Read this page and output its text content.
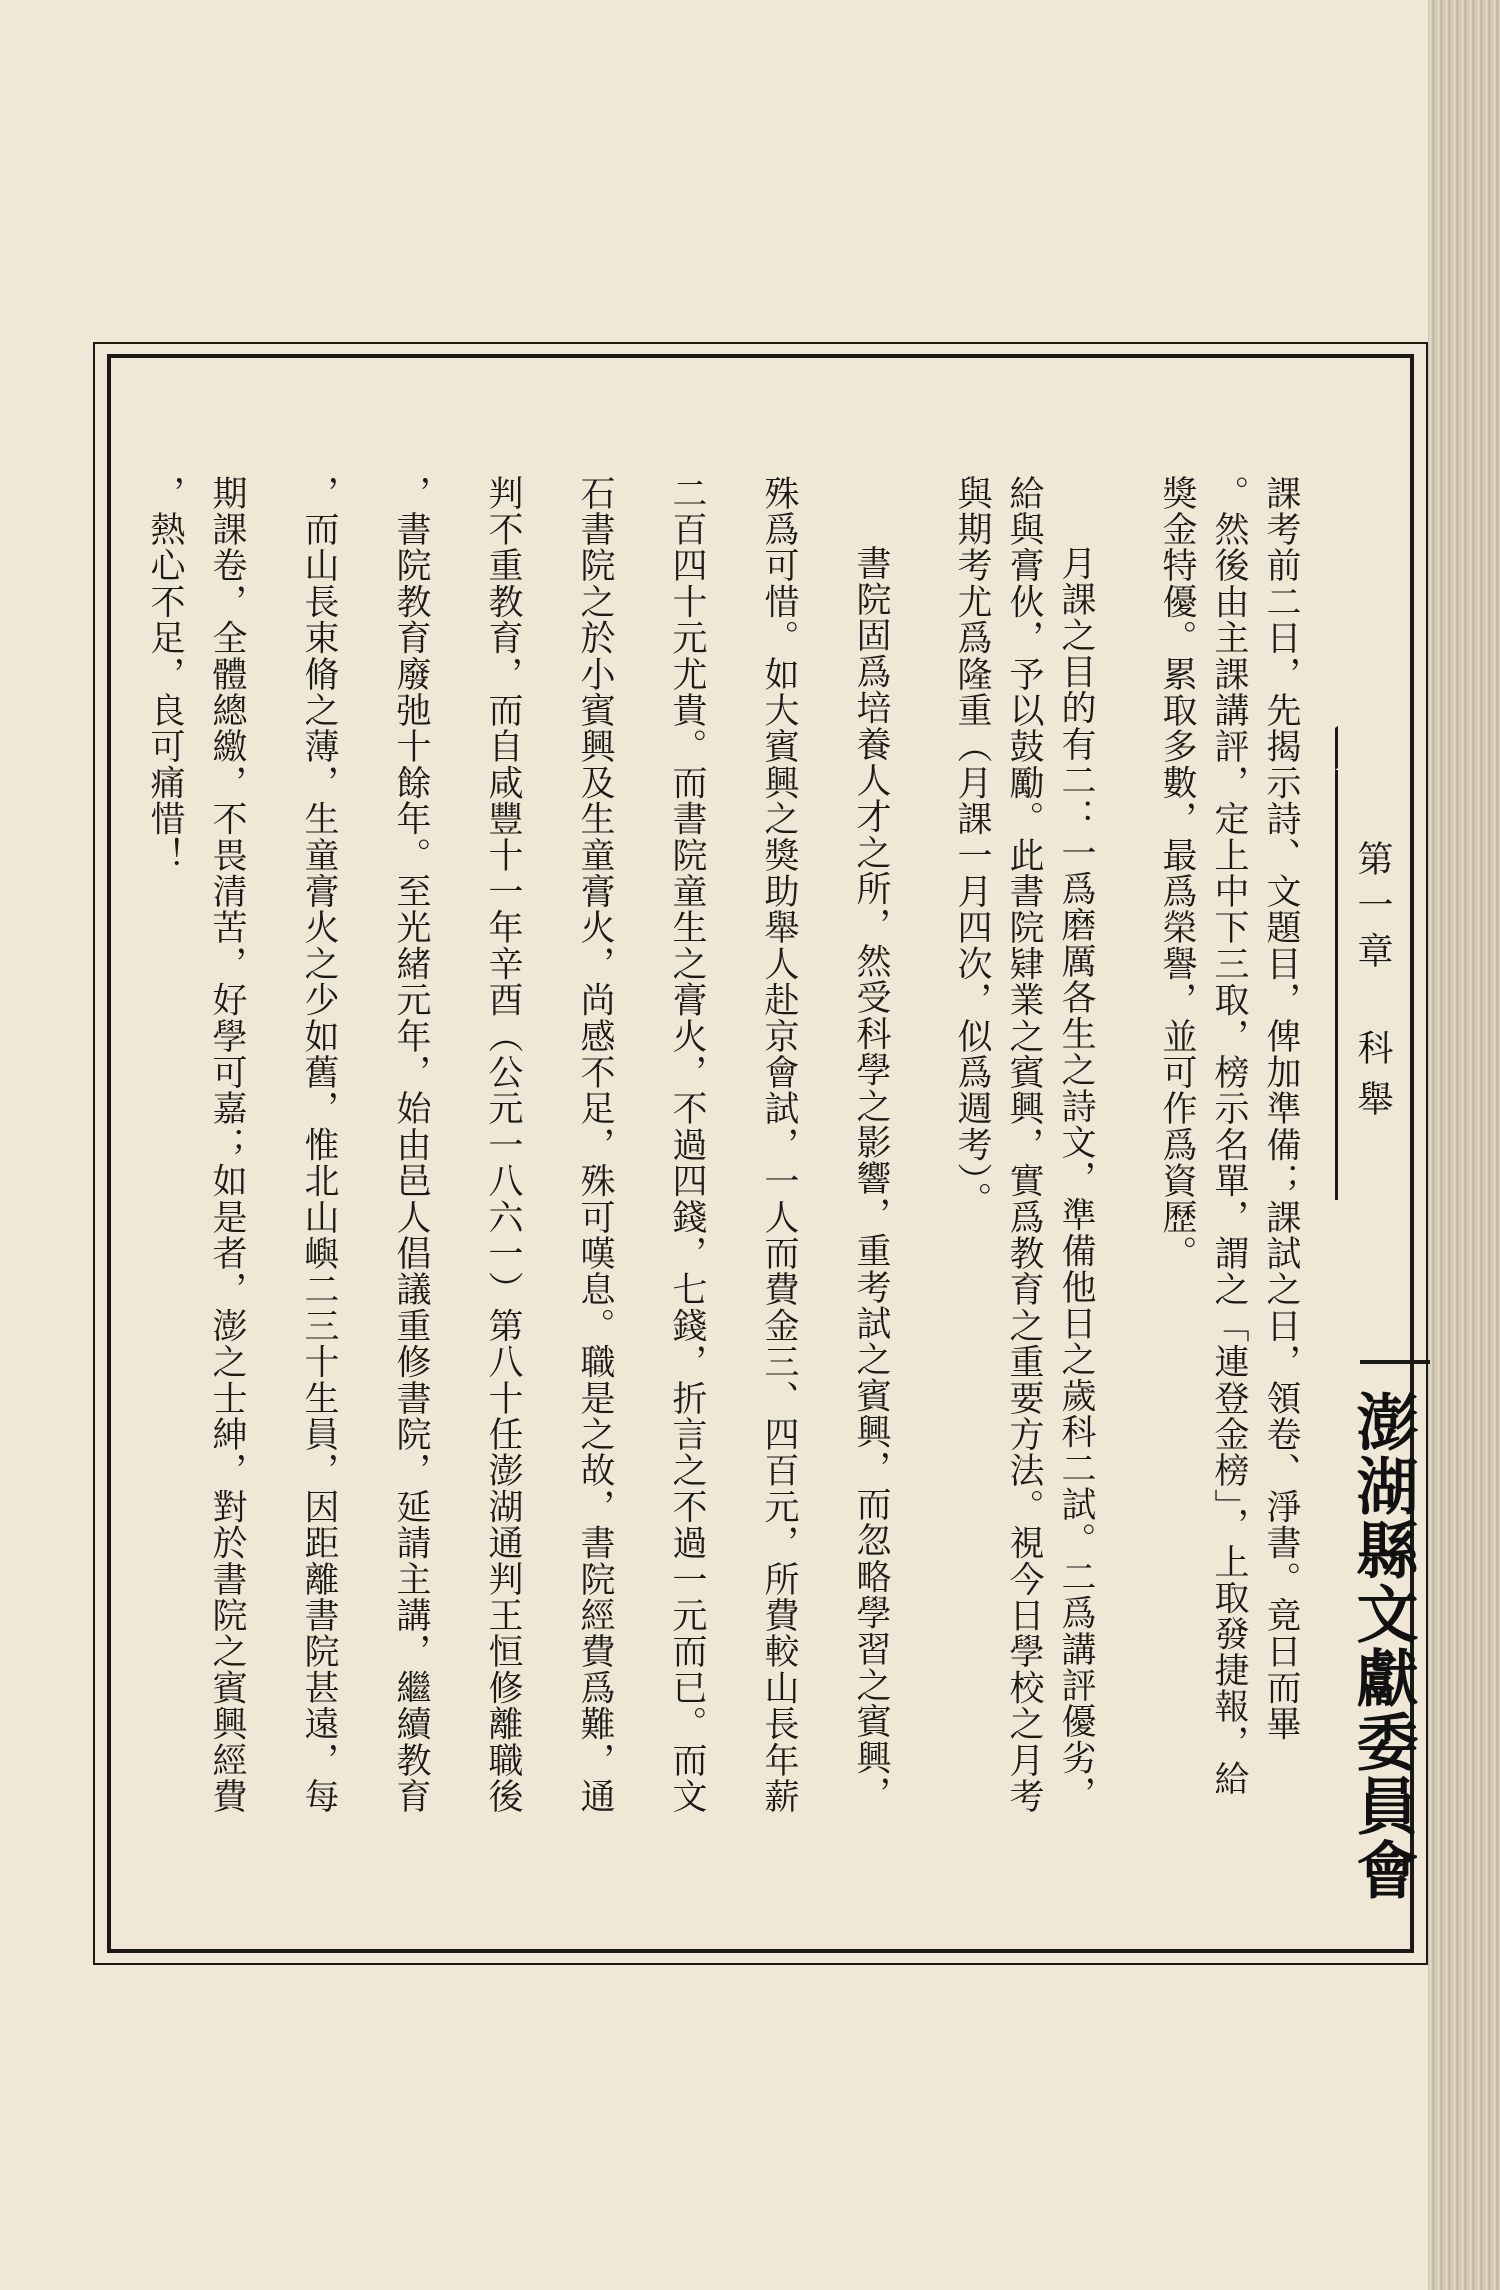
課考前二日，先揭示詩、文題目，俾加準備；課試之日，領卷、淨書。竟日而畢
。然後由主課講評，定上中下三取，榜示名單，謂之「連登金榜」，上取發捷報，給
獎金特優。累取多數，最爲榮譽，並可作爲資歷。
月課之目的有二：一爲磨厲各生之詩文，準備他日之歲科二試。二爲講評優劣，
給與膏伙，予以鼓勵。此書院肄業之賓興，實爲教育之重要方法。視今日學校之月考
與期考尤爲隆重（月課一月四次，似爲週考）。
書院固爲培養人才之所，然受科學之影響，重考試之賓興，而忽略學習之賓興，
殊爲可惜。如大賓興之獎助舉人赴京會試，一人而費金三、四百元，所費較山長年薪
二百四十元尤貴。而書院童生之膏火，不過四錢，七錢，折言之不過一元而已。而文
石書院之於小賓興及生童膏火，尚感不足，殊可嘆息。職是之故，書院經費爲難，通
判不重教育，而自咸豐十一年辛酉（公元一八六一）第八十任澎湖通判王恒修離職後
，書院教育廢弛十餘年。至光緒元年，始由邑人倡議重修書院，延請主講，繼續教育
，而山長束脩之薄，生童膏火之少如舊，惟北山嶼二三十生員，因距離書院甚遠，每
期課卷，全體總繳，不畏清苦，好學可嘉；如是者，澎之士紳，對於書院之賓興經費
，熱心不足，良可痛惜！
第一章 科
舉
澎湖縣文獻委員會
